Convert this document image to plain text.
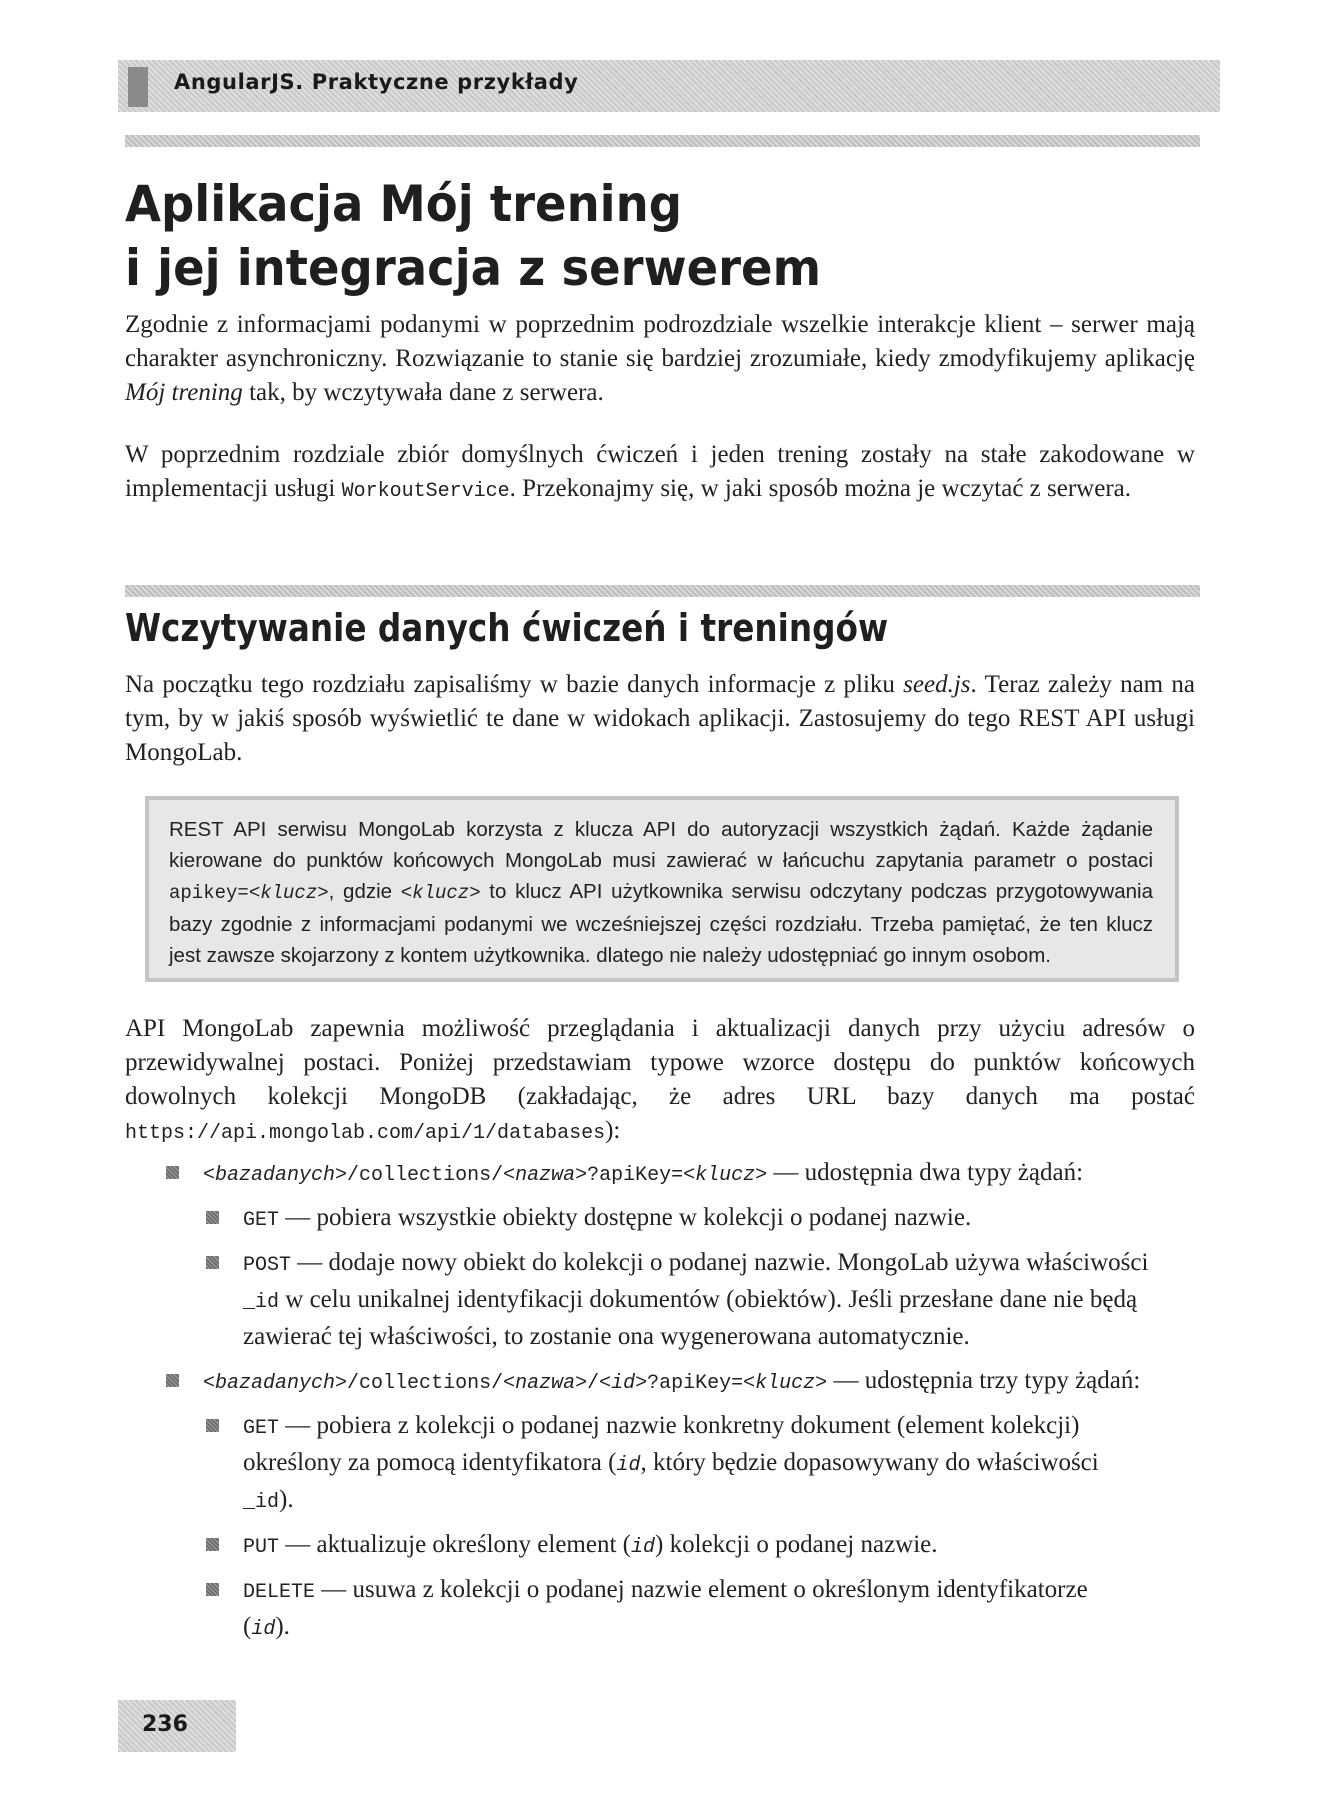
AngularJS. Praktyczne przykłady
Aplikacja Mój trening
i jej integracja z serwerem

Zgodnie z informacjami podanymi w poprzednim podrozdziale wszelkie interakcje klient – serwer mają charakter asynchroniczny. Rozwiązanie to stanie się bardziej zrozumiałe, kiedy zmodyfikujemy aplikację Mój trening tak, by wczytywała dane z serwera.

W poprzednim rozdziale zbiór domyślnych ćwiczeń i jeden trening zostały na stałe zakodowane w implementacji usługi WorkoutService. Przekonajmy się, w jaki sposób można je wczytać z serwera.

Wczytywanie danych ćwiczeń i treningów

Na początku tego rozdziału zapisaliśmy w bazie danych informacje z pliku seed.js. Teraz zależy nam na tym, by w jakiś sposób wyświetlić te dane w widokach aplikacji. Zastosujemy do tego REST API usługi MongoLab.

REST API serwisu MongoLab korzysta z klucza API do autoryzacji wszystkich żądań. Każde żądanie kierowane do punktów końcowych MongoLab musi zawierać w łańcuchu zapytania parametr o postaci apikey=<klucz>, gdzie <klucz> to klucz API użytkownika serwisu odczytany podczas przygotowywania bazy zgodnie z informacjami podanymi we wcześniejszej części rozdziału. Trzeba pamiętać, że ten klucz jest zawsze skojarzony z kontem użytkownika. dlatego nie należy udostępniać go innym osobom.

API MongoLab zapewnia możliwość przeglądania i aktualizacji danych przy użyciu adresów o przewidywalnej postaci. Poniżej przedstawiam typowe wzorce dostępu do punktów końcowych dowolnych kolekcji MongoDB (zakładając, że adres URL bazy danych ma postać https://api.mongolab.com/api/1/databases):

<bazadanych>/collections/<nazwa>?apiKey=<klucz> — udostępnia dwa typy żądań:
GET — pobiera wszystkie obiekty dostępne w kolekcji o podanej nazwie.
POST — dodaje nowy obiekt do kolekcji o podanej nazwie. MongoLab używa właściwości _id w celu unikalnej identyfikacji dokumentów (obiektów). Jeśli przesłane dane nie będą zawierać tej właściwości, to zostanie ona wygenerowana automatycznie.
<bazadanych>/collections/<nazwa>/<id>?apiKey=<klucz> — udostępnia trzy typy żądań:
GET — pobiera z kolekcji o podanej nazwie konkretny dokument (element kolekcji) określony za pomocą identyfikatora (id, który będzie dopasowywany do właściwości _id).
PUT — aktualizuje określony element (id) kolekcji o podanej nazwie.
DELETE — usuwa z kolekcji o podanej nazwie element o określonym identyfikatorze (id).
236
